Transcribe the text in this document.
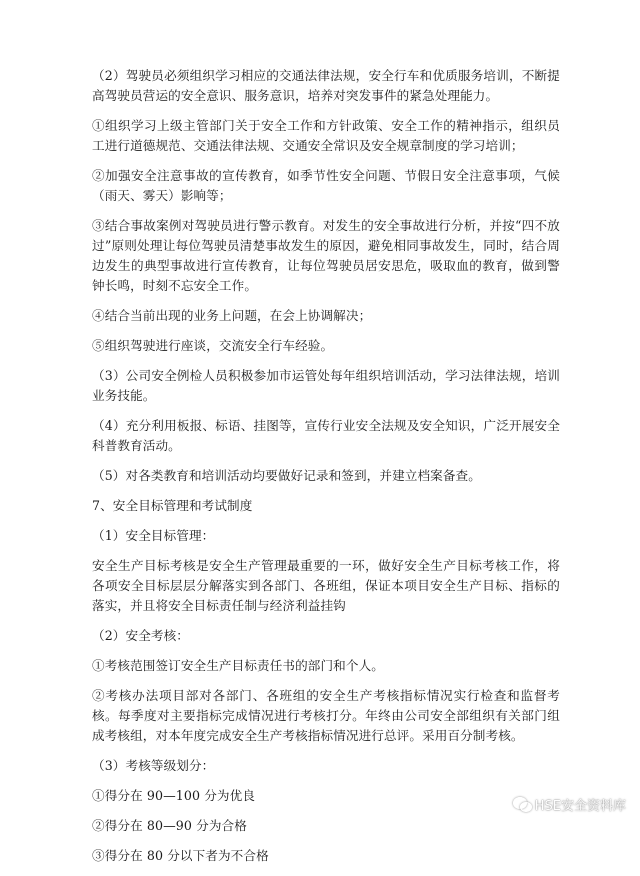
（2）驾驶员必须组织学习相应的交通法律法规，安全行车和优质服务培训，不断提高驾驶员营运的安全意识、服务意识，培养对突发事件的紧急处理能力。

①组织学习上级主管部门关于安全工作和方针政策、安全工作的精神指示，组织员工进行道德规范、交通法律法规、交通安全常识及安全规章制度的学习培训；

②加强安全注意事故的宣传教育，如季节性安全问题、节假日安全注意事项，气候（雨天、雾天）影响等；

③结合事故案例对驾驶员进行警示教育。对发生的安全事故进行分析，并按“四不放过”原则处理让每位驾驶员清楚事故发生的原因，避免相同事故发生，同时，结合周边发生的典型事故进行宣传教育，让每位驾驶员居安思危，吸取血的教育，做到警钟长鸣，时刻不忘安全工作。

④结合当前出现的业务上问题，在会上协调解决；

⑤组织驾驶进行座谈，交流安全行车经验。

（3）公司安全例检人员积极参加市运管处每年组织培训活动，学习法律法规，培训业务技能。

（4）充分利用板报、标语、挂图等，宣传行业安全法规及安全知识，广泛开展安全科普教育活动。

（5）对各类教育和培训活动均要做好记录和签到，并建立档案备查。

7、安全目标管理和考试制度

（1）安全目标管理：

安全生产目标考核是安全生产管理最重要的一环，做好安全生产目标考核工作，将各项安全目标层层分解落实到各部门、各班组，保证本项目安全生产目标、指标的落实，并且将安全目标责任制与经济利益挂钩

（2）安全考核：

①考核范围签订安全生产目标责任书的部门和个人。

②考核办法项目部对各部门、各班组的安全生产考核指标情况实行检查和监督考核。每季度对主要指标完成情况进行考核打分。年终由公司安全部组织有关部门组成考核组，对本年度完成安全生产考核指标情况进行总评。采用百分制考核。

（3）考核等级划分：

①得分在 90—100 分为优良

②得分在 80—90 分为合格

③得分在 80 分以下者为不合格

HSE安全资料库
